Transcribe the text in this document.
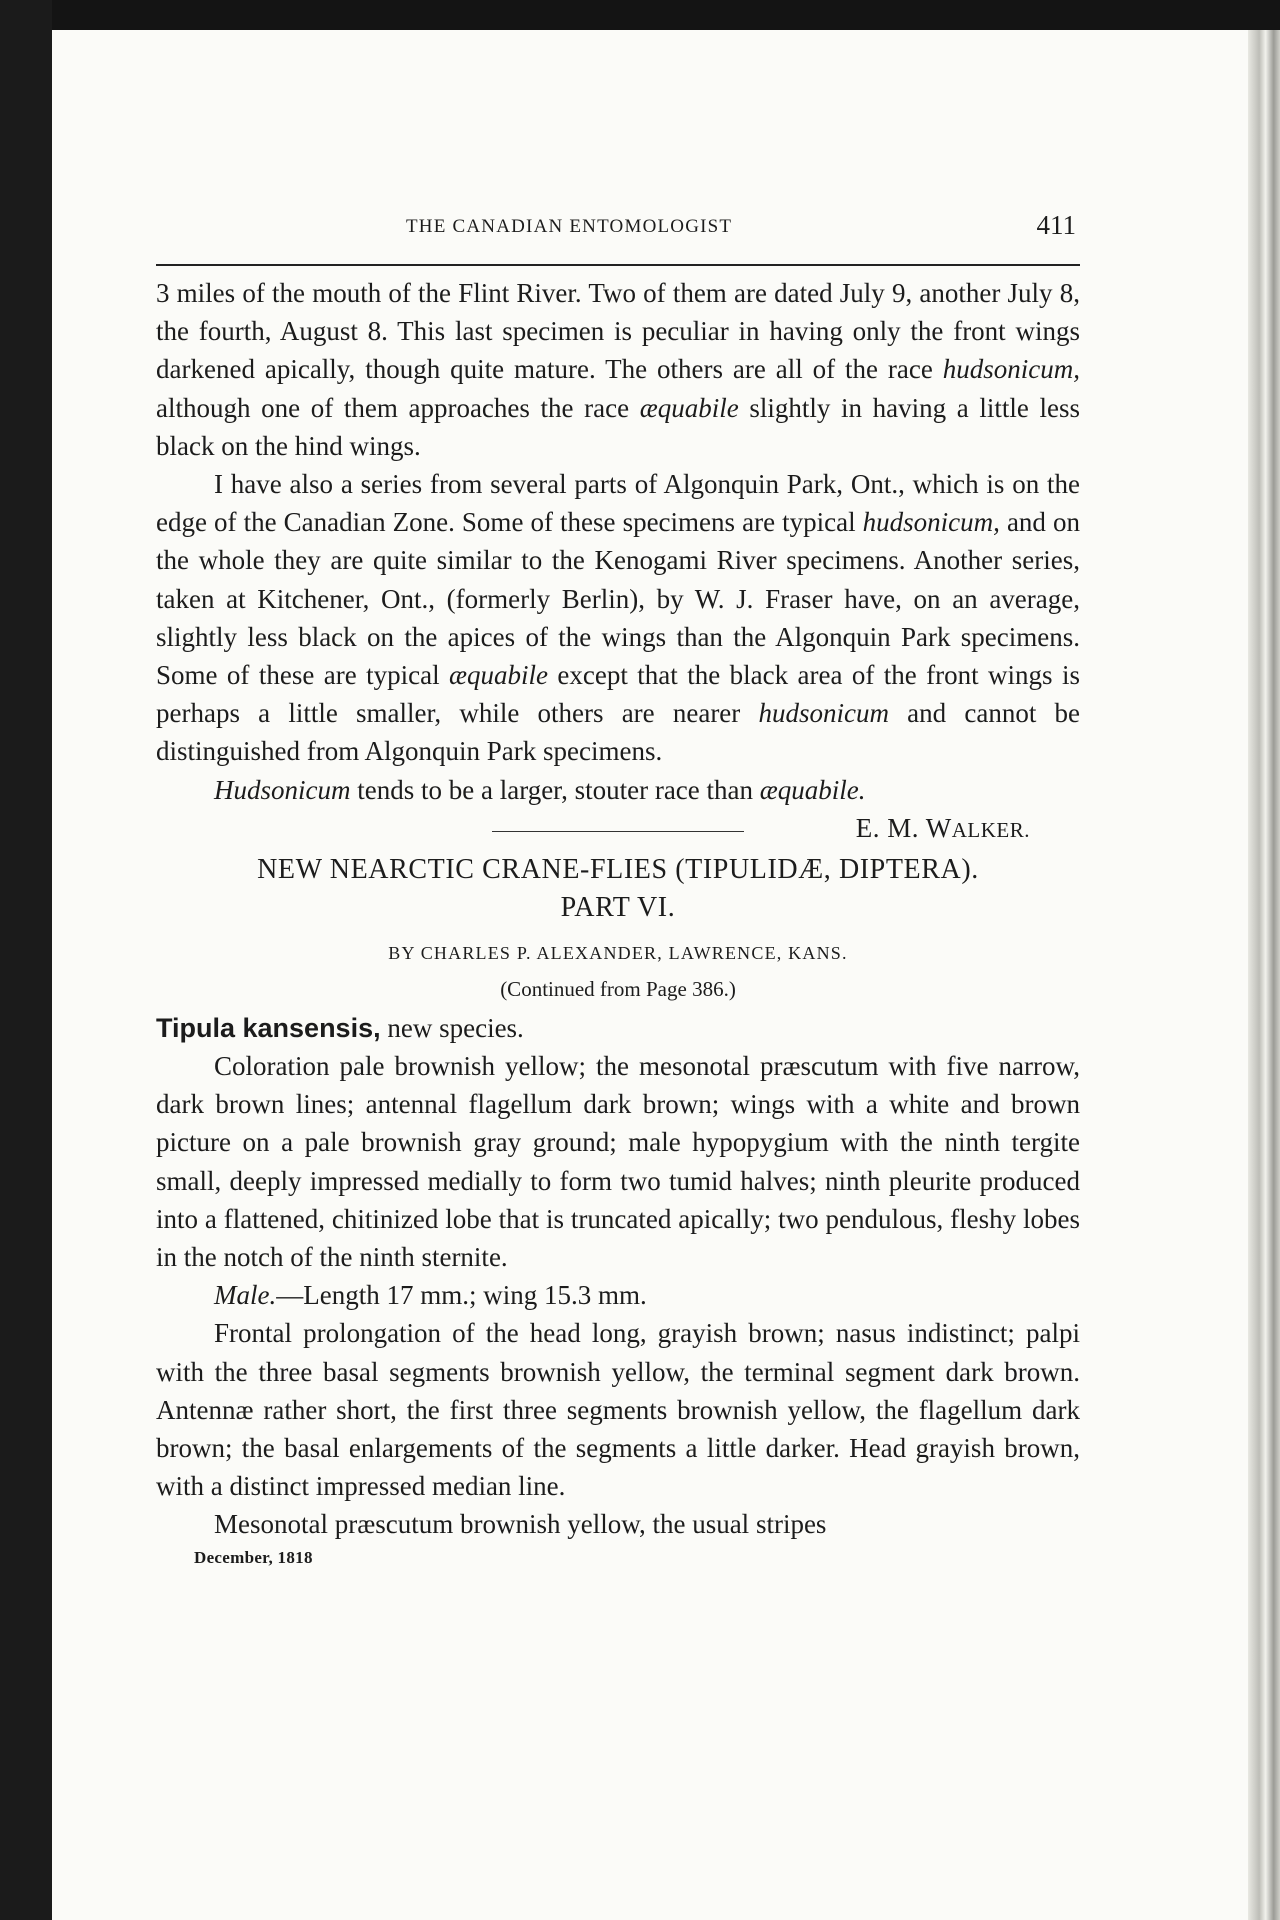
THE CANADIAN ENTOMOLOGIST	411

3 miles of the mouth of the Flint River. Two of them are dated July 9, another July 8, the fourth, August 8. This last specimen is peculiar in having only the front wings darkened apically, though quite mature. The others are all of the race hudsonicum, although one of them approaches the race æquabile slightly in having a little less black on the hind wings.

I have also a series from several parts of Algonquin Park, Ont., which is on the edge of the Canadian Zone. Some of these specimens are typical hudsonicum, and on the whole they are quite similar to the Kenogami River specimens. Another series, taken at Kitchener, Ont., (formerly Berlin), by W. J. Fraser have, on an average, slightly less black on the apices of the wings than the Algonquin Park specimens. Some of these are typical æquabile except that the black area of the front wings is perhaps a little smaller, while others are nearer hudsonicum and cannot be distinguished from Algonquin Park specimens.

Hudsonicum tends to be a larger, stouter race than æquabile.

E. M. WALKER.
NEW NEARCTIC CRANE-FLIES (TIPULIDÆ, DIPTERA).
PART VI.
BY CHARLES P. ALEXANDER, LAWRENCE, KANS.
(Continued from Page 386.)

Tipula kansensis, new species.

Coloration pale brownish yellow; the mesonotal præscutum with five narrow, dark brown lines; antennal flagellum dark brown; wings with a white and brown picture on a pale brownish gray ground; male hypopygium with the ninth tergite small, deeply impressed medially to form two tumid halves; ninth pleurite produced into a flattened, chitinized lobe that is truncated apically; two pendulous, fleshy lobes in the notch of the ninth sternite.

Male.—Length 17 mm.; wing 15.3 mm.

Frontal prolongation of the head long, grayish brown; nasus indistinct; palpi with the three basal segments brownish yellow, the terminal segment dark brown. Antennæ rather short, the first three segments brownish yellow, the flagellum dark brown; the basal enlargements of the segments a little darker. Head grayish brown, with a distinct impressed median line.

Mesonotal præscutum brownish yellow, the usual stripes

December, 1818
